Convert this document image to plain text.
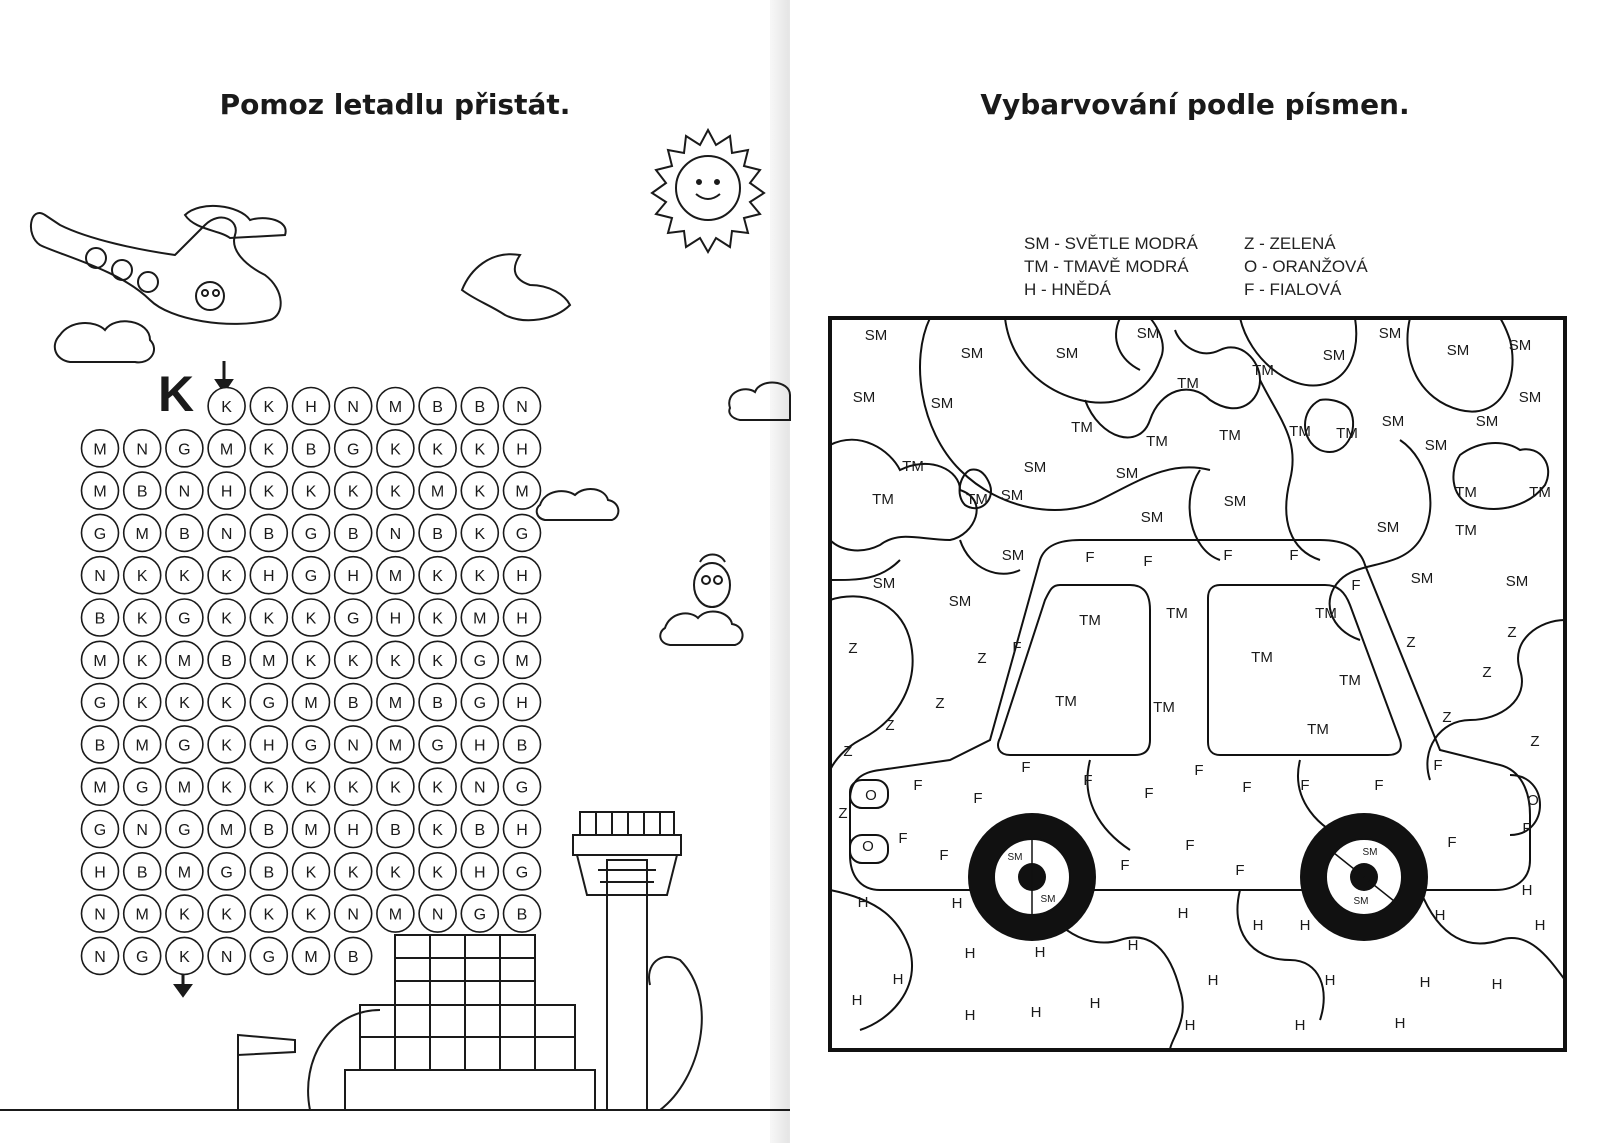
Pomoz letadlu přistát.	Vybarvování podle písmen.
SM - SVĚTLE MODRÁ
TM - TMAVĚ MODRÁ
H - HNĚDÁ
Z - ZELENÁ
O - ORANŽOVÁ
F - FIALOVÁ
K K H N M B B N
M N G M K B G K K K H
M B N H K K K K M K M
G M B N B G B N B K G
N K K K H G H M K K H
B K G K K K G H K M H
M K M B M K K K K G M
G K K K G M B M B G H
B M G K H G N M G H B
M G M K K K K K K N G
G N G M B M H B K B H
H B M G B K K K K H G
N M K K K K N M N G B
N G K N G M B
K
SM
SM	SM
SM
SM	SM
SM
SM
SM	SM
SM
SM	SM
SM
SM	SM
SM	SM
SM
SM
SM
SM
SM
SM	SM
TM
TM
TM
TM	TM	TM TM
TM
TM	TM	TM	TM
TM
TM	TM	TM
TM
TM
TM	TM
TM
F	F	F	F
F
F
F
F
F
F	F	F	F
F
F
F
F
F
F
F	F
F
F
Z
Z
Z
Z
Z
Z
Z
Z
Z
Z
Z
O
O
O
H	H
H	H
H
H H
H
H
H
H
H
H
H	H
H
H	H	H	H
H	H	H
SM
SM
SM
SM
